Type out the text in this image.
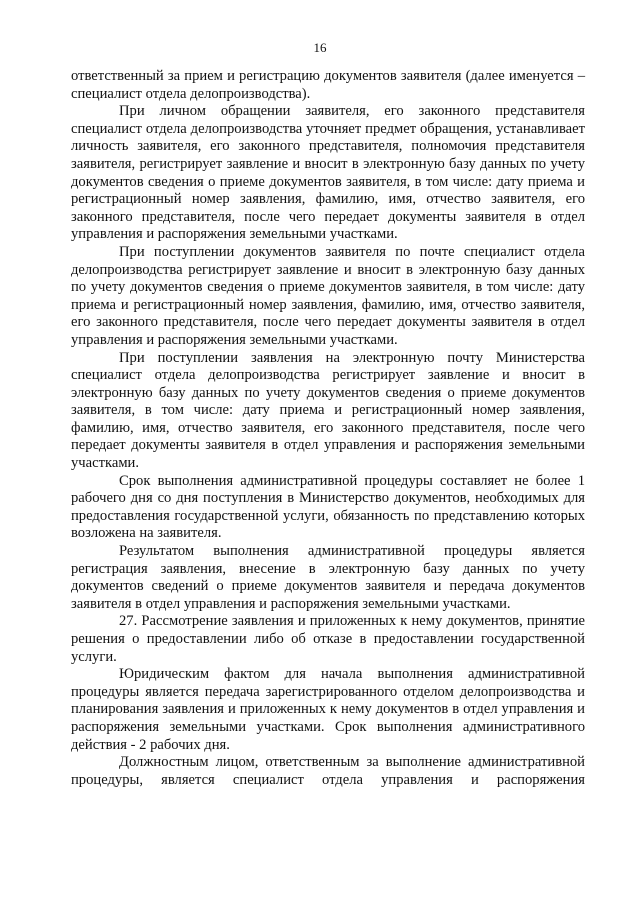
16

ответственный за прием и регистрацию документов заявителя (далее именуется – специалист отдела делопроизводства).

При личном обращении заявителя, его законного представителя специалист отдела делопроизводства уточняет предмет обращения, устанавливает личность заявителя, его законного представителя, полномочия представителя заявителя, регистрирует заявление и вносит в электронную базу данных по учету документов сведения о приеме документов заявителя, в том числе: дату приема и регистрационный номер заявления, фамилию, имя, отчество заявителя, его законного представителя, после чего передает документы заявителя в отдел управления и распоряжения земельными участками.

При поступлении документов заявителя по почте специалист отдела делопроизводства регистрирует заявление и вносит в электронную базу данных по учету документов сведения о приеме документов заявителя, в том числе: дату приема и регистрационный номер заявления, фамилию, имя, отчество заявителя, его законного представителя, после чего передает документы заявителя в отдел управления и распоряжения земельными участками.

При поступлении заявления на электронную почту Министерства специалист отдела делопроизводства регистрирует заявление и вносит в электронную базу данных по учету документов сведения о приеме документов заявителя, в том числе: дату приема и регистрационный номер заявления, фамилию, имя, отчество заявителя, его законного представителя, после чего передает документы заявителя в отдел управления и распоряжения земельными участками.

Срок выполнения административной процедуры составляет не более 1 рабочего дня со дня поступления в Министерство документов, необходимых для предоставления государственной услуги, обязанность по представлению которых возложена на заявителя.

Результатом выполнения административной процедуры является регистрация заявления, внесение в электронную базу данных по учету документов сведений о приеме документов заявителя и передача документов заявителя в отдел управления и распоряжения земельными участками.

27. Рассмотрение заявления и приложенных к нему документов, принятие решения о предоставлении либо об отказе в предоставлении государственной услуги.

Юридическим фактом для начала выполнения административной процедуры является передача зарегистрированного отделом делопроизводства и планирования заявления и приложенных к нему документов в отдел управления и распоряжения земельными участками. Срок выполнения административного действия - 2 рабочих дня.

Должностным лицом, ответственным за выполнение административной процедуры, является специалист отдела управления и распоряжения
